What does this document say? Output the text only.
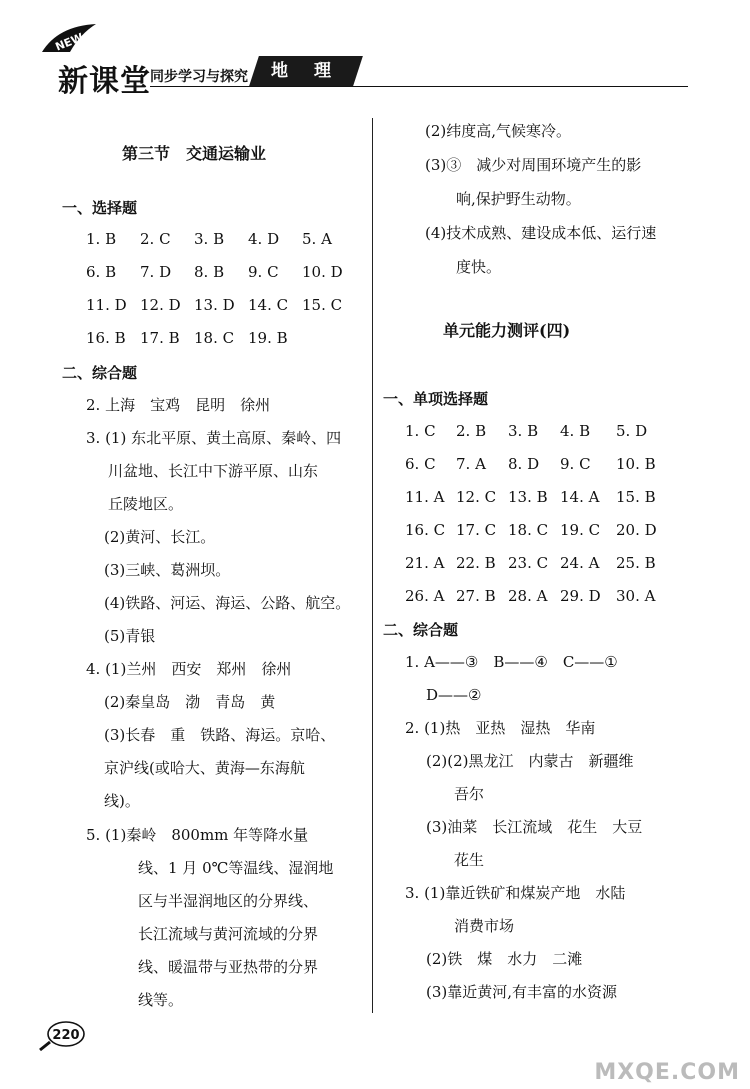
NEW
新课堂 同步学习与探究	地 理
第三节　交通运输业
一、选择题
1. B 2. C 3. B 4. D 5. A
6. B 7. D 8. B 9. C 10. D
11. D 12. D 13. D 14. C 15. C
16. B 17. B 18. C 19. B
二、综合题
2. 上海　宝鸡　昆明　徐州
3. (1) 东北平原、黄土高原、秦岭、四
川盆地、长江中下游平原、山东
丘陵地区。
(2)黄河、长江。
(3)三峡、葛洲坝。
(4)铁路、河运、海运、公路、航空。
(5)青银
4. (1)兰州　西安　郑州　徐州
(2)秦皇岛　渤　青岛　黄
(3)长春　重　铁路、海运。京哈、
京沪线(或哈大、黄海—东海航
线)。
5. (1)秦岭　800mm 年等降水量
线、1 月 0℃等温线、湿润地
区与半湿润地区的分界线、
长江流域与黄河流域的分界
线、暖温带与亚热带的分界
线等。
(2)纬度高,气候寒冷。
(3)③　减少对周围环境产生的影
响,保护野生动物。
(4)技术成熟、建设成本低、运行速
度快。
单元能力测评(四)
一、单项选择题
1. C 2. B 3. B 4. B 5. D
6. C 7. A 8. D 9. C 10. B
11. A 12. C 13. B 14. A 15. B
16. C 17. C 18. C 19. C 20. D
21. A 22. B 23. C 24. A 25. B
26. A 27. B 28. A 29. D 30. A
二、综合题
1. A——③　B——④　C——①
D——②
2. (1)热　亚热　湿热　华南
(2)(2)黑龙江　内蒙古　新疆维
吾尔
(3)油菜　长江流域　花生　大豆
花生
3. (1)靠近铁矿和煤炭产地　水陆
消费市场
(2)铁　煤　水力　二滩
(3)靠近黄河,有丰富的水资源
220
MXQE.COM
